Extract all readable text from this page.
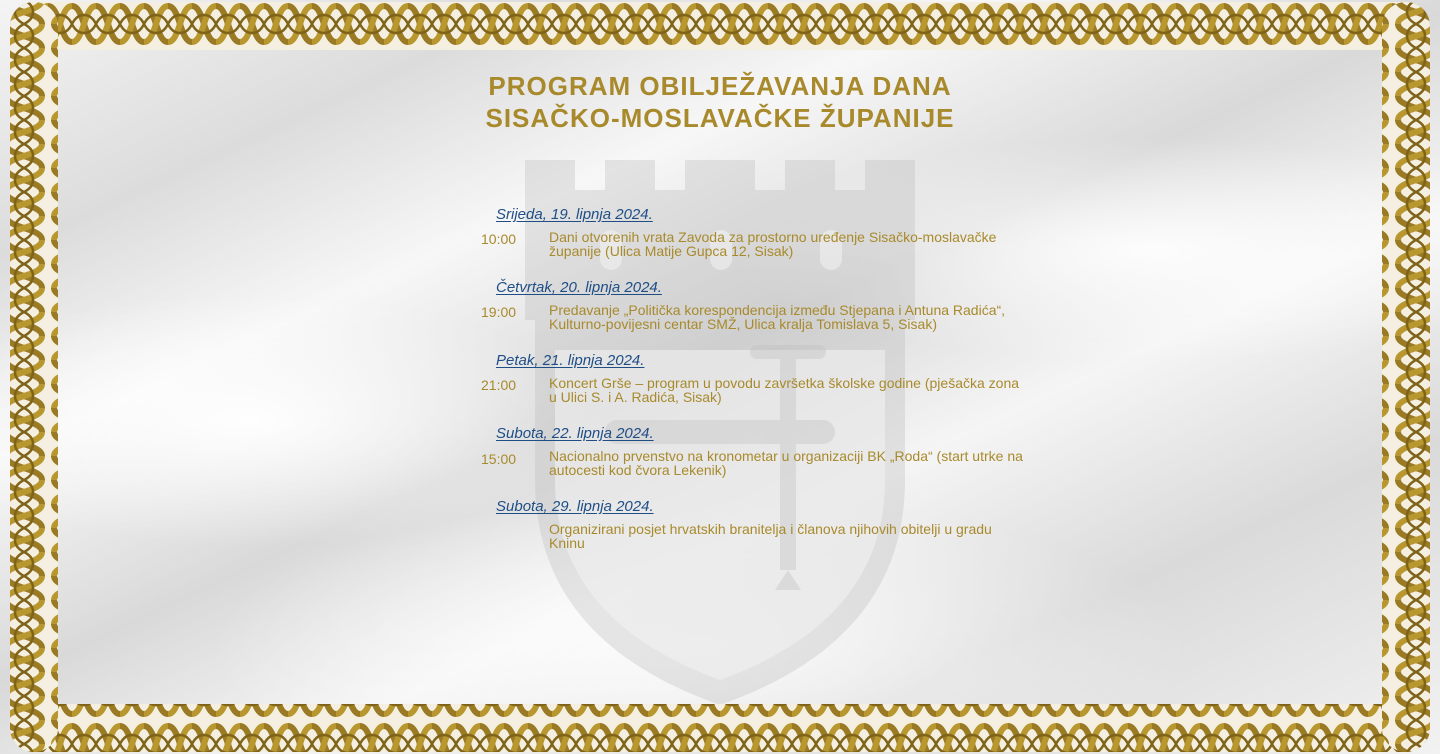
PROGRAM OBILJEŽAVANJA DANA
SISAČKO-MOSLAVAČKE ŽUPANIJE
Srijeda, 19. lipnja 2024.
10:00 Dani otvorenih vrata Zavoda za prostorno uređenje Sisačko-moslavačke županije (Ulica Matije Gupca 12, Sisak)
Četvrtak, 20. lipnja 2024.
19:00 Predavanje „Politička korespondencija između Stjepana i Antuna Radića“, Kulturno-povijesni centar SMŽ, Ulica kralja Tomislava 5, Sisak)
Petak, 21. lipnja 2024.
21:00 Koncert Grše – program u povodu završetka školske godine (pješačka zona u Ulici S. i A. Radića, Sisak)
Subota, 22. lipnja 2024.
15:00 Nacionalno prvenstvo na kronometar u organizaciji BK „Roda“ (start utrke na autocesti kod čvora Lekenik)
Subota, 29. lipnja 2024.
Organizirani posjet hrvatskih branitelja i članova njihovih obitelji u gradu Kninu
